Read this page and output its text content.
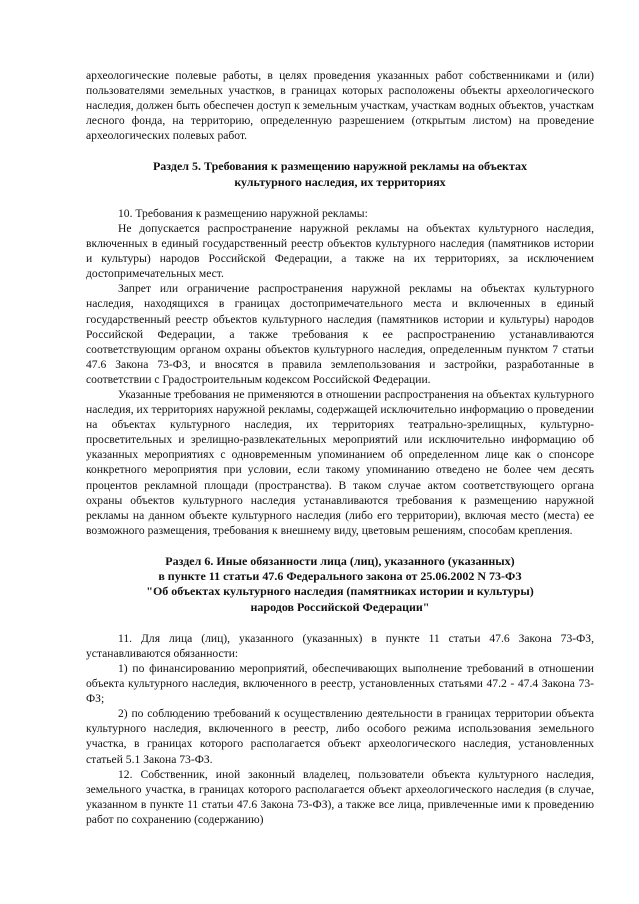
археологические полевые работы, в целях проведения указанных работ собственниками и (или) пользователями земельных участков, в границах которых расположены объекты археологического наследия, должен быть обеспечен доступ к земельным участкам, участкам водных объектов, участкам лесного фонда, на территорию, определенную разрешением (открытым листом) на проведение археологических полевых работ.

Раздел 5. Требования к размещению наружной рекламы на объектах
культурного наследия, их территориях

10. Требования к размещению наружной рекламы:

Не допускается распространение наружной рекламы на объектах культурного наследия, включенных в единый государственный реестр объектов культурного наследия (памятников истории и культуры) народов Российской Федерации, а также на их территориях, за исключением достопримечательных мест.

Запрет или ограничение распространения наружной рекламы на объектах культурного наследия, находящихся в границах достопримечательного места и включенных в единый государственный реестр объектов культурного наследия (памятников истории и культуры) народов Российской Федерации, а также требования к ее распространению устанавливаются соответствующим органом охраны объектов культурного наследия, определенным пунктом 7 статьи 47.6 Закона 73-ФЗ, и вносятся в правила землепользования и застройки, разработанные в соответствии с Градостроительным кодексом Российской Федерации.

Указанные требования не применяются в отношении распространения на объектах культурного наследия, их территориях наружной рекламы, содержащей исключительно информацию о проведении на объектах культурного наследия, их территориях театрально-зрелищных, культурно-просветительных и зрелищно-развлекательных мероприятий или исключительно информацию об указанных мероприятиях с одновременным упоминанием об определенном лице как о спонсоре конкретного мероприятия при условии, если такому упоминанию отведено не более чем десять процентов рекламной площади (пространства). В таком случае актом соответствующего органа охраны объектов культурного наследия устанавливаются требования к размещению наружной рекламы на данном объекте культурного наследия (либо его территории), включая место (места) ее возможного размещения, требования к внешнему виду, цветовым решениям, способам крепления.

Раздел 6. Иные обязанности лица (лиц), указанного (указанных)
в пункте 11 статьи 47.6 Федерального закона от 25.06.2002 N 73-ФЗ
"Об объектах культурного наследия (памятниках истории и культуры)
народов Российской Федерации"

11. Для лица (лиц), указанного (указанных) в пункте 11 статьи 47.6 Закона 73-ФЗ, устанавливаются обязанности:

1) по финансированию мероприятий, обеспечивающих выполнение требований в отношении объекта культурного наследия, включенного в реестр, установленных статьями 47.2 - 47.4 Закона 73-ФЗ;

2) по соблюдению требований к осуществлению деятельности в границах территории объекта культурного наследия, включенного в реестр, либо особого режима использования земельного участка, в границах которого располагается объект археологического наследия, установленных статьей 5.1 Закона 73-ФЗ.

12. Собственник, иной законный владелец, пользователи объекта культурного наследия, земельного участка, в границах которого располагается объект археологического наследия (в случае, указанном в пункте 11 статьи 47.6 Закона 73-ФЗ), а также все лица, привлеченные ими к проведению работ по сохранению (содержанию)
